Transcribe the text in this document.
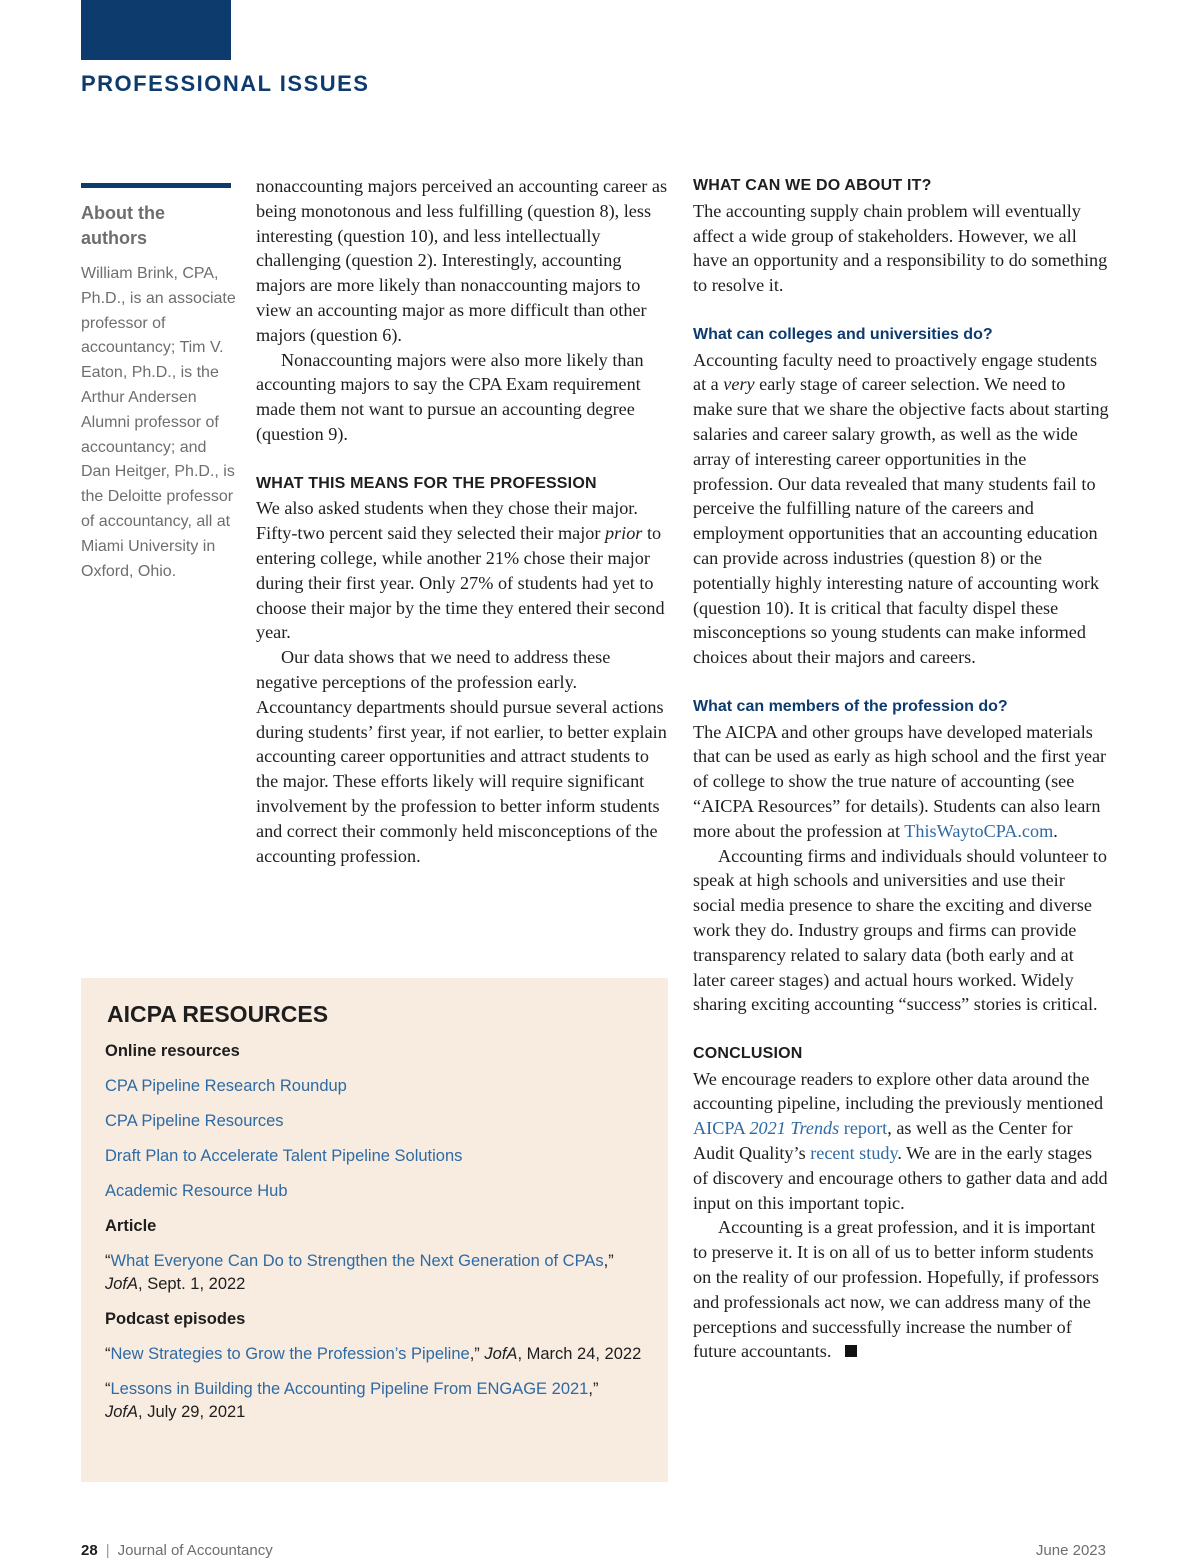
PROFESSIONAL ISSUES
About the authors

William Brink, CPA, Ph.D., is an associate professor of accountancy; Tim V. Eaton, Ph.D., is the Arthur Andersen Alumni professor of accountancy; and Dan Heitger, Ph.D., is the Deloitte professor of accountancy, all at Miami University in Oxford, Ohio.

nonaccounting majors perceived an accounting career as being monotonous and less fulfilling (question 8), less interesting (question 10), and less intellectually challenging (question 2). Interestingly, accounting majors are more likely than nonaccounting majors to view an accounting major as more difficult than other majors (question 6).

Nonaccounting majors were also more likely than accounting majors to say the CPA Exam requirement made them not want to pursue an accounting degree (question 9).

WHAT THIS MEANS FOR THE PROFESSION

We also asked students when they chose their major. Fifty-two percent said they selected their major prior to entering college, while another 21% chose their major during their first year. Only 27% of students had yet to choose their major by the time they entered their second year.

Our data shows that we need to address these negative perceptions of the profession early. Accountancy departments should pursue several actions during students’ first year, if not earlier, to better explain accounting career opportunities and attract students to the major. These efforts likely will require significant involvement by the profession to better inform students and correct their commonly held misconceptions of the accounting profession.

WHAT CAN WE DO ABOUT IT?

The accounting supply chain problem will eventually affect a wide group of stakeholders. However, we all have an opportunity and a responsibility to do something to resolve it.

What can colleges and universities do?

Accounting faculty need to proactively engage students at a very early stage of career selection. We need to make sure that we share the objective facts about starting salaries and career salary growth, as well as the wide array of interesting career opportunities in the profession. Our data revealed that many students fail to perceive the fulfilling nature of the careers and employment opportunities that an accounting education can provide across industries (question 8) or the potentially highly interesting nature of accounting work (question 10). It is critical that faculty dispel these misconceptions so young students can make informed choices about their majors and careers.

What can members of the profession do?

The AICPA and other groups have developed materials that can be used as early as high school and the first year of college to show the true nature of accounting (see “AICPA Resources” for details). Students can also learn more about the profession at ThisWaytoCPA.com.

Accounting firms and individuals should volunteer to speak at high schools and universities and use their social media presence to share the exciting and diverse work they do. Industry groups and firms can provide transparency related to salary data (both early and at later career stages) and actual hours worked. Widely sharing exciting accounting “success” stories is critical.

CONCLUSION

We encourage readers to explore other data around the accounting pipeline, including the previously mentioned AICPA 2021 Trends report, as well as the Center for Audit Quality’s recent study. We are in the early stages of discovery and encourage others to gather data and add input on this important topic.

Accounting is a great profession, and it is important to preserve it. It is on all of us to better inform students on the reality of our profession. Hopefully, if professors and professionals act now, we can address many of the perceptions and successfully increase the number of future accountants.

AICPA RESOURCES

Online resources

CPA Pipeline Research Roundup

CPA Pipeline Resources

Draft Plan to Accelerate Talent Pipeline Solutions

Academic Resource Hub

Article

“What Everyone Can Do to Strengthen the Next Generation of CPAs,”
JofA, Sept. 1, 2022

Podcast episodes

“New Strategies to Grow the Profession’s Pipeline,” JofA, March 24, 2022

“Lessons in Building the Accounting Pipeline From ENGAGE 2021,”
JofA, July 29, 2021

28 | Journal of Accountancy	June 2023
